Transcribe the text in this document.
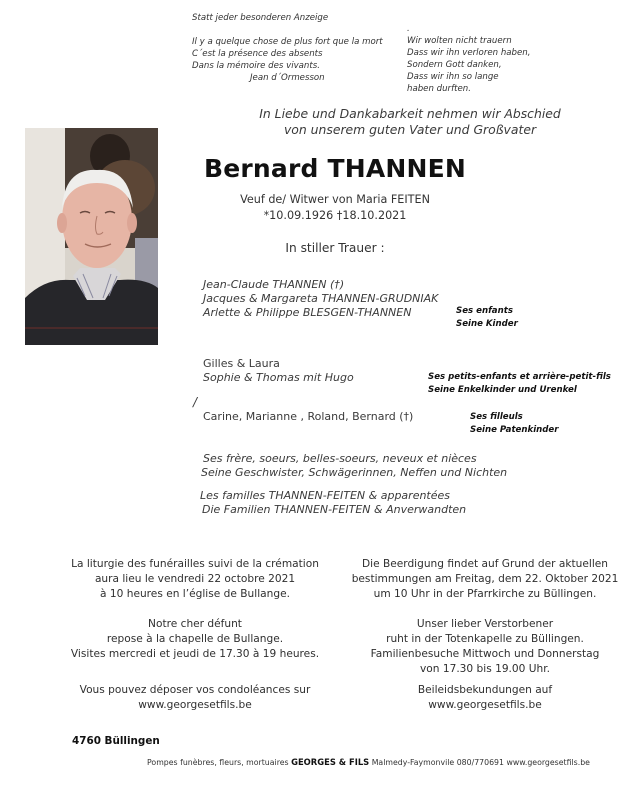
Statt jeder besonderen Anzeige
Il y a quelque chose de plus fort que la mort
C´est la présence des absents
Dans la mémoire des vivants.
Jean d´Ormesson
.
Wir wolten nicht trauern
Dass wir ihn verloren haben,
Sondern Gott danken,
Dass wir ihn so lange
haben durften.
In Liebe und Dankabarkeit nehmen wir Abschied
von unserem guten Vater und Großvater
Bernard THANNEN
Veuf de/ Witwer von Maria FEITEN
*10.09.1926 †18.10.2021
In stiller Trauer :
Jean-Claude THANNEN (†)
Jacques & Margareta THANNEN-GRUDNIAK
Arlette & Philippe BLESGEN-THANNEN	Ses enfants
Seine Kinder
Gilles & Laura
Sophie & Thomas mit Hugo	Ses petits-enfants et arrière-petit-fils
Seine Enkelkinder und Urenkel
/
Carine, Marianne , Roland, Bernard (†)	Ses filleuls
Seine Patenkinder
Ses frère, soeurs, belles-soeurs, neveux et nièces
Seine Geschwister, Schwägerinnen, Neffen und Nichten
Les familles THANNEN-FEITEN & apparentées
Die Familien THANNEN-FEITEN & Anverwandten
La liturgie des funérailles suivi de la crémation
aura lieu le vendredi 22 octobre 2021
à 10 heures en l’église de Bullange.
Notre cher défunt
repose à la chapelle de Bullange.
Visites mercredi et jeudi de 17.30 à 19 heures.
Vous pouvez déposer vos condoléances sur
www.georgesetfils.be
Die Beerdigung findet auf Grund der aktuellen
bestimmungen am Freitag, dem 22. Oktober 2021
um 10 Uhr in der Pfarrkirche zu Büllingen.
Unser lieber Verstorbener
ruht in der Totenkapelle zu Büllingen.
Familienbesuche Mittwoch und Donnerstag
von 17.30 bis 19.00 Uhr.
Beileidsbekundungen auf
www.georgesetfils.be
4760 Büllingen
Pompes funèbres, fleurs, mortuaires GEORGES & FILS Malmedy-Faymonvile 080/770691 www.georgesetfils.be
